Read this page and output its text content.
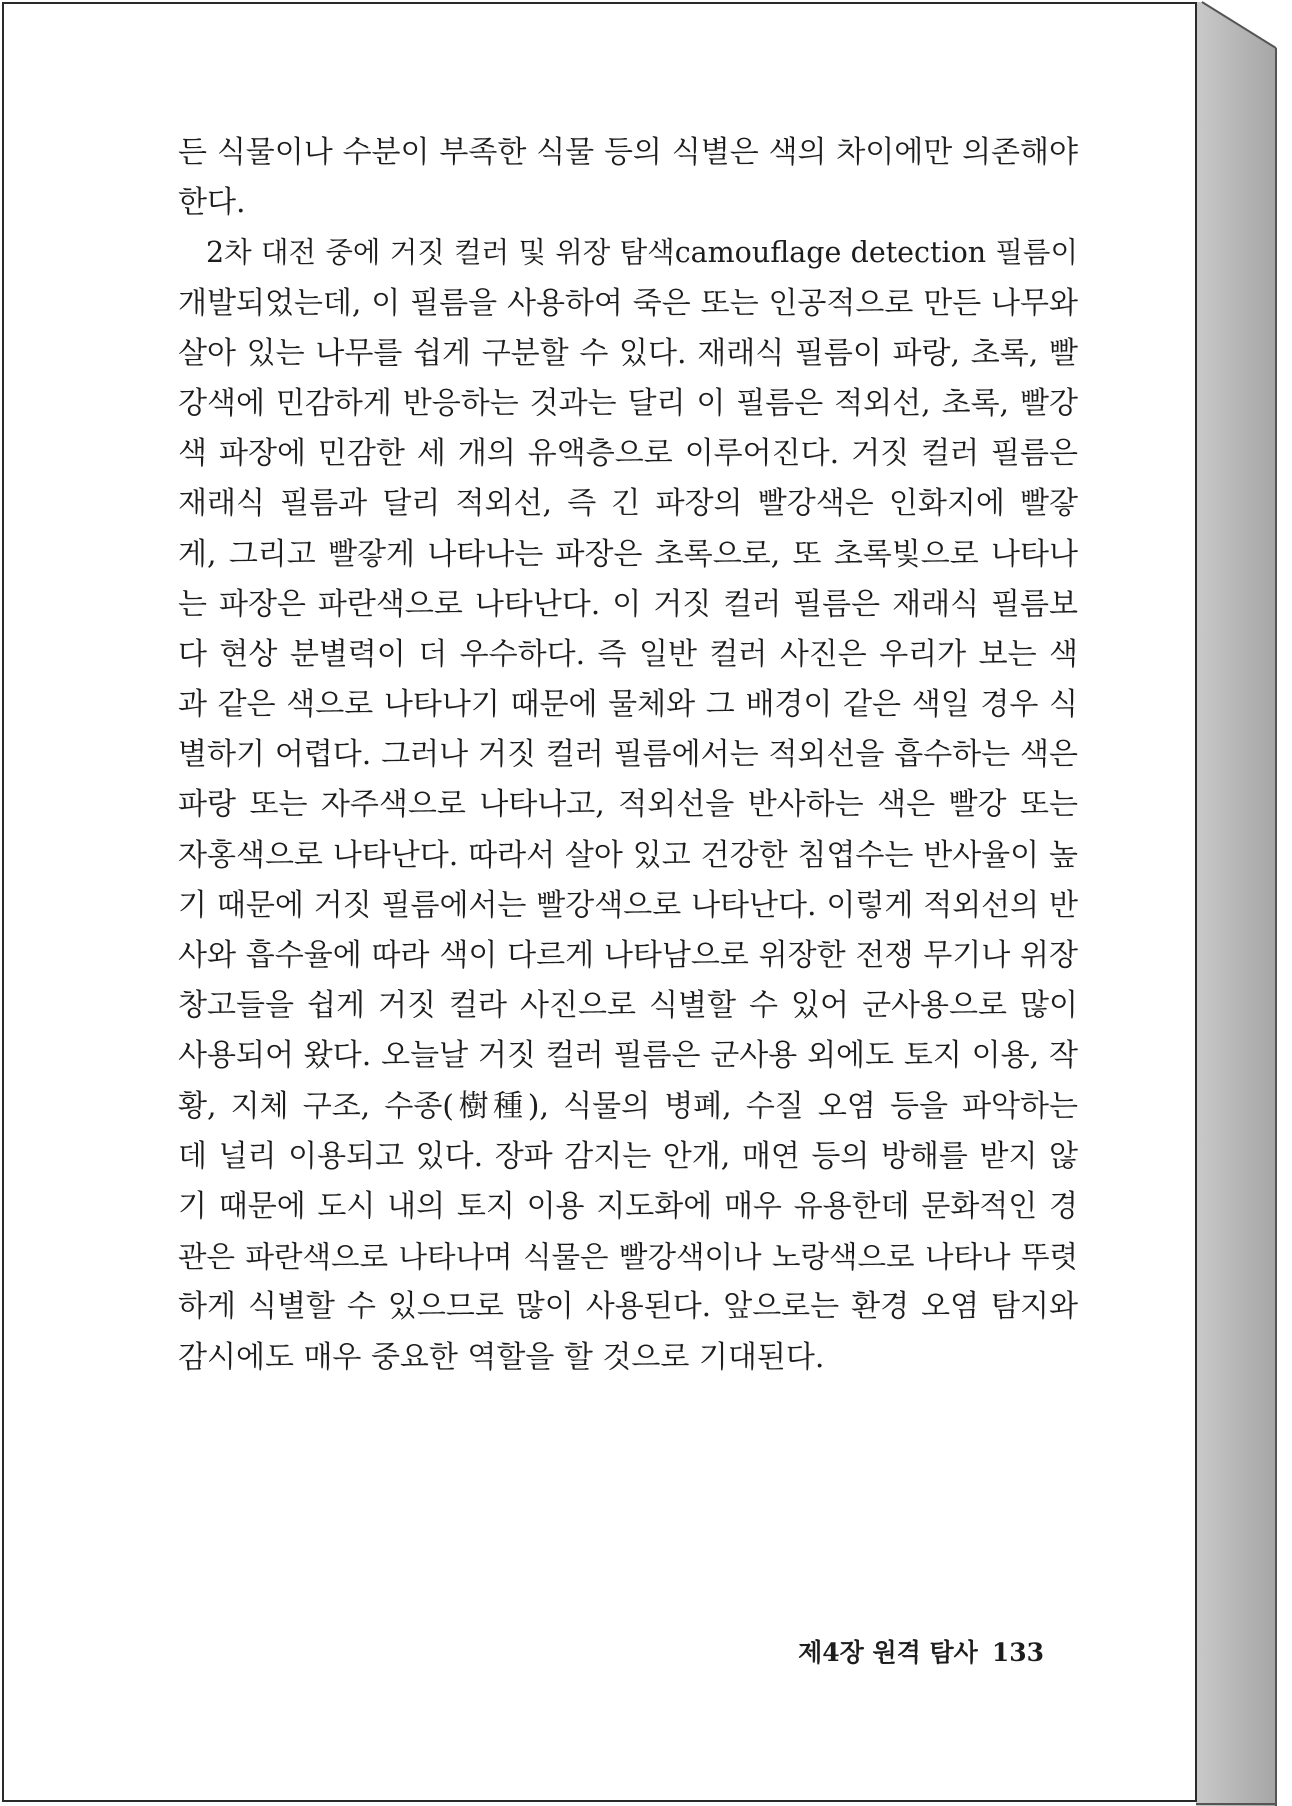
든 식물이나 수분이 부족한 식물 등의 식별은 색의 차이에만 의존해야
한다.
2차 대전 중에 거짓 컬러 및 위장 탐색camouflage detection 필름이
개발되었는데, 이 필름을 사용하여 죽은 또는 인공적으로 만든 나무와
살아 있는 나무를 쉽게 구분할 수 있다. 재래식 필름이 파랑, 초록, 빨
강색에 민감하게 반응하는 것과는 달리 이 필름은 적외선, 초록, 빨강
색 파장에 민감한 세 개의 유액층으로 이루어진다. 거짓 컬러 필름은
재래식 필름과 달리 적외선, 즉 긴 파장의 빨강색은 인화지에 빨갛
게, 그리고 빨갛게 나타나는 파장은 초록으로, 또 초록빛으로 나타나
는 파장은 파란색으로 나타난다. 이 거짓 컬러 필름은 재래식 필름보
다 현상 분별력이 더 우수하다. 즉 일반 컬러 사진은 우리가 보는 색
과 같은 색으로 나타나기 때문에 물체와 그 배경이 같은 색일 경우 식
별하기 어렵다. 그러나 거짓 컬러 필름에서는 적외선을 흡수하는 색은
파랑 또는 자주색으로 나타나고, 적외선을 반사하는 색은 빨강 또는
자홍색으로 나타난다. 따라서 살아 있고 건강한 침엽수는 반사율이 높
기 때문에 거짓 필름에서는 빨강색으로 나타난다. 이렇게 적외선의 반
사와 흡수율에 따라 색이 다르게 나타남으로 위장한 전쟁 무기나 위장
창고들을 쉽게 거짓 컬라 사진으로 식별할 수 있어 군사용으로 많이
사용되어 왔다. 오늘날 거짓 컬러 필름은 군사용 외에도 토지 이용, 작
황, 지체 구조, 수종(樹種), 식물의 병폐, 수질 오염 등을 파악하는
데 널리 이용되고 있다. 장파 감지는 안개, 매연 등의 방해를 받지 않
기 때문에 도시 내의 토지 이용 지도화에 매우 유용한데 문화적인 경
관은 파란색으로 나타나며 식물은 빨강색이나 노랑색으로 나타나 뚜렷
하게 식별할 수 있으므로 많이 사용된다. 앞으로는 환경 오염 탐지와
감시에도 매우 중요한 역할을 할 것으로 기대된다.
제4장 원격 탐사 133
